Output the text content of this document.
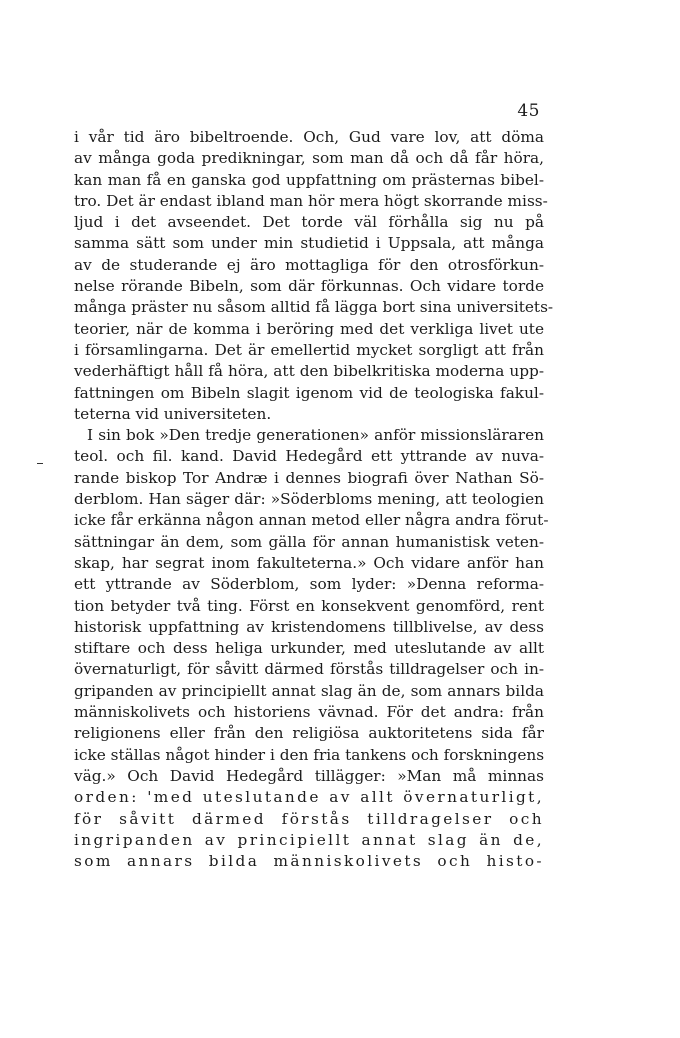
45
i vår tid äro bibeltroende. Och, Gud vare lov, att döma
av många goda predikningar, som man då och då får höra,
kan man få en ganska god uppfattning om prästernas bibel-
tro. Det är endast ibland man hör mera högt skorrande miss-
ljud i det avseendet. Det torde väl förhålla sig nu på
samma sätt som under min studietid i Uppsala, att många
av de studerande ej äro mottagliga för den otrosförkun-
nelse rörande Bibeln, som där förkunnas. Och vidare torde
många präster nu såsom alltid få lägga bort sina universitets-
teorier, när de komma i beröring med det verkliga livet ute
i församlingarna. Det är emellertid mycket sorgligt att från
vederhäftigt håll få höra, att den bibelkritiska moderna upp-
fattningen om Bibeln slagit igenom vid de teologiska fakul-
teterna vid universiteten.
I sin bok »Den tredje generationen» anför missionsläraren
teol. och fil. kand. David Hedegård ett yttrande av nuva-
rande biskop Tor Andræ i dennes biografi över Nathan Sö-
derblom. Han säger där: »Söderbloms mening, att teologien
icke får erkänna någon annan metod eller några andra förut-
sättningar än dem, som gälla för annan humanistisk veten-
skap, har segrat inom fakulteterna.» Och vidare anför han
ett yttrande av Söderblom, som lyder: »Denna reforma-
tion betyder två ting. Först en konsekvent genomförd, rent
historisk uppfattning av kristendomens tillblivelse, av dess
stiftare och dess heliga urkunder, med uteslutande av allt
övernaturligt, för såvitt därmed förstås tilldragelser och in-
gripanden av principiellt annat slag än de, som annars bilda
människolivets och historiens vävnad. För det andra: från
religionens eller från den religiösa auktoritetens sida får
icke ställas något hinder i den fria tankens och forskningens
väg.» Och David Hedegård tillägger: »Man må minnas
orden: 'med uteslutande av allt övernaturligt,
för såvitt därmed förstås tilldragelser och
ingripanden av principiellt annat slag än de,
som annars bilda människolivets och histo-
